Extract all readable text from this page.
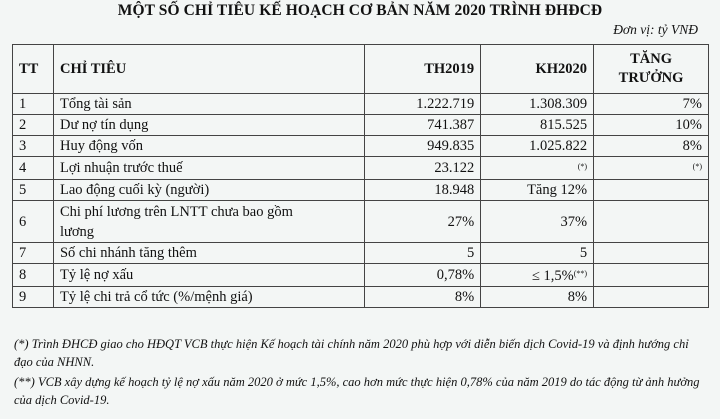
MỘT SỐ CHỈ TIÊU KẾ HOẠCH CƠ BẢN NĂM 2020 TRÌNH ĐHĐCĐ
Đơn vị: tỷ VNĐ
TT	CHỈ TIÊU	TH2019	KH2020	TĂNG
TRƯỞNG
1	Tổng tài sản	1.222.719	1.308.309	7%
2	Dư nợ tín dụng	741.387	815.525	10%
3	Huy động vốn	949.835	1.025.822	8%
4	Lợi nhuận trước thuế	23.122	(*)	(*)
5	Lao động cuối kỳ (người)	18.948	Tăng 12%	
6	Chi phí lương trên LNTT chưa bao gồm
lương	27%	37%	
7	Số chi nhánh tăng thêm	5	5	
8	Tỷ lệ nợ xấu	0,78%	≤ 1,5%(**)	
9	Tỷ lệ chi trả cổ tức (%/mệnh giá)	8%	8%	

(*) Trình ĐHCĐ giao cho HĐQT VCB thực hiện Kế hoạch tài chính năm 2020 phù hợp với diễn biến dịch Covid-19 và định hướng chỉ đạo của NHNN.

(**) VCB xây dựng kế hoạch tỷ lệ nợ xấu năm 2020 ở mức 1,5%, cao hơn mức thực hiện 0,78% của năm 2019 do tác động từ ảnh hưởng của dịch Covid-19.
